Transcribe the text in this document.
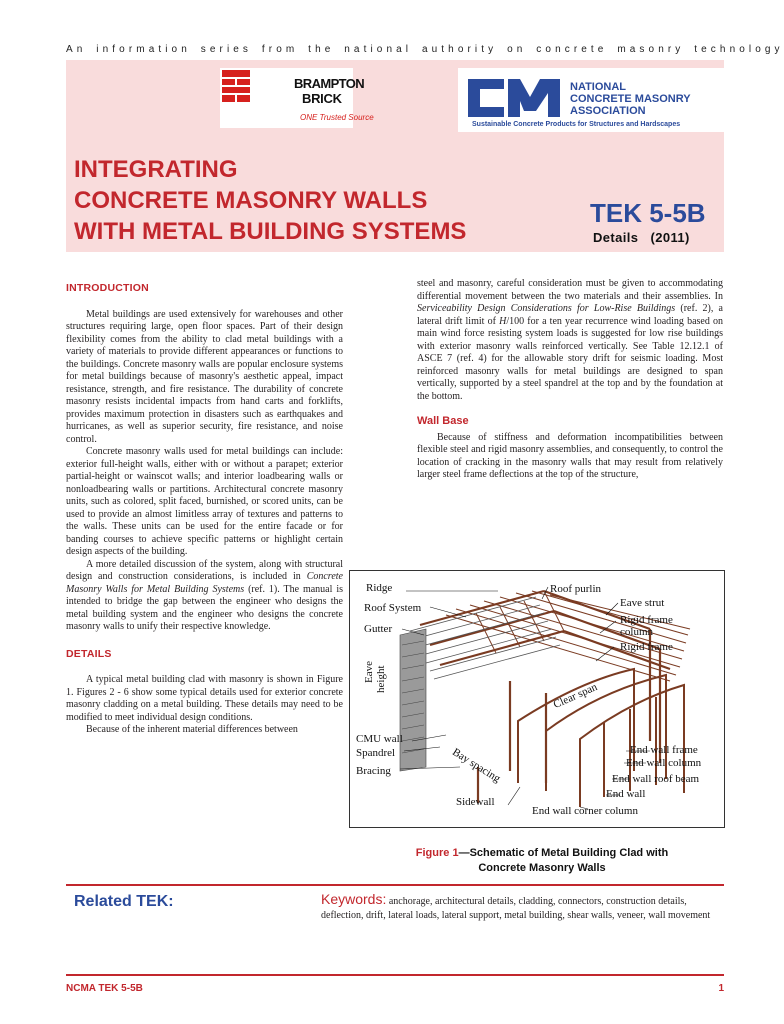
An information series from the national authority on concrete masonry technology
BRAMPTON
BRICK
ONE Trusted Source
NATIONAL
CONCRETE MASONRY
ASSOCIATION
Sustainable Concrete Products for Structures and Hardscapes
INTEGRATING
CONCRETE MASONRY WALLS
WITH METAL BUILDING SYSTEMS
TEK 5-5B
Details (2011)
INTRODUCTION

Metal buildings are used extensively for warehouses and other structures requiring large, open floor spaces. Part of their design flexibility comes from the ability to clad metal buildings with a variety of materials to provide different appearances or functions to the buildings. Concrete masonry walls are popular enclosure systems for metal buildings because of masonry's aesthetic appeal, impact resistance, strength, and fire resistance. The durability of concrete masonry resists incidental impacts from hand carts and forklifts, provides maximum protection in disasters such as earthquakes and hurricanes, as well as superior security, fire resistance, and noise control.

Concrete masonry walls used for metal buildings can include: exterior full-height walls, either with or without a parapet; exterior partial-height or wainscot walls; and interior loadbearing walls or nonloadbearing walls or partitions. Architectural concrete masonry units, such as colored, split faced, burnished, or scored units, can be used to provide an almost limitless array of textures and patterns to the walls. These units can be used for the entire facade or for banding courses to achieve specific patterns or highlight certain design aspects of the building.

A more detailed discussion of the system, along with structural design and construction considerations, is included in Concrete Masonry Walls for Metal Building Systems (ref. 1). The manual is intended to bridge the gap between the engineer who designs the metal building system and the engineer who designs the concrete masonry walls to unify their respective knowledge.

DETAILS

A typical metal building clad with masonry is shown in Figure 1. Figures 2 - 6 show some typical details used for exterior concrete masonry cladding on a metal building. These details may need to be modified to meet individual design conditions.

Because of the inherent material differences between

steel and masonry, careful consideration must be given to accommodating differential movement between the two materials and their assemblies. In Serviceability Design Considerations for Low-Rise Buildings (ref. 2), a lateral drift limit of H/100 for a ten year recurrence wind loading based on main wind force resisting system loads is suggested for low rise buildings with exterior masonry walls reinforced vertically. See Table 12.12.1 of ASCE 7 (ref. 4) for the allowable story drift for seismic loading. Most reinforced masonry walls for metal buildings are designed to span vertically, supported by a steel spandrel at the top and by the foundation at the bottom.

Wall Base

Because of stiffness and deformation incompatibilities between flexible steel and rigid masonry assemblies, and consequently, to control the location of cracking in the masonry walls that may result from relatively larger steel frame deflections at the top of the structure,

Ridge
Roof System
Gutter
Eave height
CMU wall
Spandrel
Bracing
Sidewall
Roof purlin
Eave strut
Rigid frame
column
Rigid frame
Clear span
Bay spacing	End wall frame
End wall column
End wall roof beam
End wall
End wall corner column
Figure 1—Schematic of Metal Building Clad with
Concrete Masonry Walls
Related TEK:	Keywords: anchorage, architectural details, cladding, connectors, construction details, deflection, drift, lateral loads, lateral support, metal building, shear walls, veneer, wall movement
NCMA TEK 5-5B	1
